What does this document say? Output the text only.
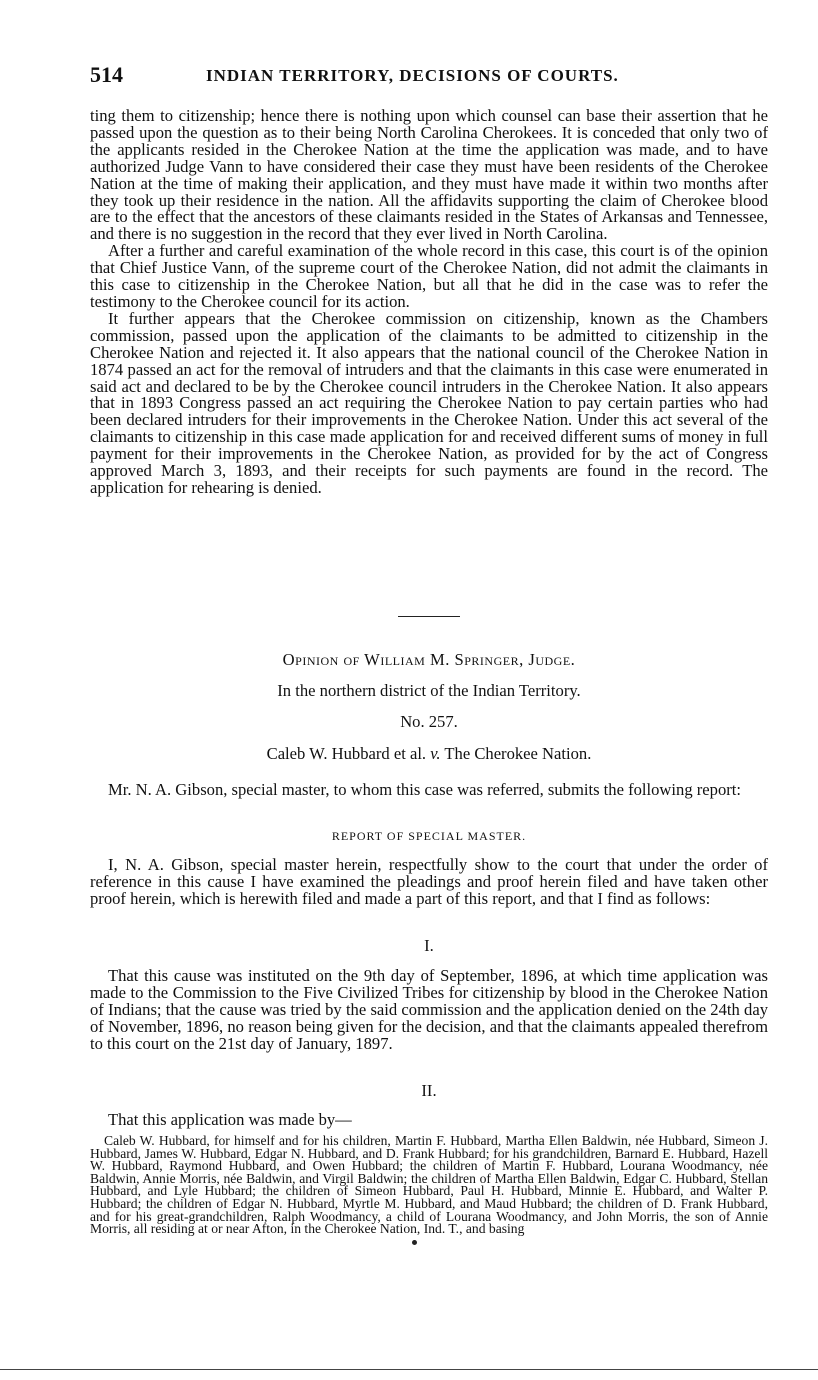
514	INDIAN TERRITORY, DECISIONS OF COURTS.

ting them to citizenship; hence there is nothing upon which counsel can base their assertion that he passed upon the question as to their being North Carolina Cherokees. It is conceded that only two of the applicants resided in the Cherokee Nation at the time the application was made, and to have authorized Judge Vann to have considered their case they must have been residents of the Cherokee Nation at the time of making their application, and they must have made it within two months after they took up their residence in the nation. All the affidavits supporting the claim of Cherokee blood are to the effect that the ancestors of these claimants resided in the States of Arkansas and Tennessee, and there is no suggestion in the record that they ever lived in North Carolina.

After a further and careful examination of the whole record in this case, this court is of the opinion that Chief Justice Vann, of the supreme court of the Cherokee Nation, did not admit the claimants in this case to citizenship in the Cherokee Nation, but all that he did in the case was to refer the testimony to the Cherokee council for its action.

It further appears that the Cherokee commission on citizenship, known as the Chambers commission, passed upon the application of the claimants to be admitted to citizenship in the Cherokee Nation and rejected it. It also appears that the national council of the Cherokee Nation in 1874 passed an act for the removal of intruders and that the claimants in this case were enumerated in said act and declared to be by the Cherokee council intruders in the Cherokee Nation. It also appears that in 1893 Congress passed an act requiring the Cherokee Nation to pay certain parties who had been declared intruders for their improvements in the Cherokee Nation. Under this act several of the claimants to citizenship in this case made application for and received different sums of money in full payment for their improvements in the Cherokee Nation, as provided for by the act of Congress approved March 3, 1893, and their receipts for such payments are found in the record. The application for rehearing is denied.

Opinion of William M. Springer, Judge.
In the northern district of the Indian Territory.
No. 257.
Caleb W. Hubbard et al. v. The Cherokee Nation.

Mr. N. A. Gibson, special master, to whom this case was referred, submits the following report:

REPORT OF SPECIAL MASTER.

I, N. A. Gibson, special master herein, respectfully show to the court that under the order of reference in this cause I have examined the pleadings and proof herein filed and have taken other proof herein, which is herewith filed and made a part of this report, and that I find as follows:

I.

That this cause was instituted on the 9th day of September, 1896, at which time application was made to the Commission to the Five Civilized Tribes for citizenship by blood in the Cherokee Nation of Indians; that the cause was tried by the said commission and the application denied on the 24th day of November, 1896, no reason being given for the decision, and that the claimants appealed therefrom to this court on the 21st day of January, 1897.

II.

That this application was made by—

Caleb W. Hubbard, for himself and for his children, Martin F. Hubbard, Martha Ellen Baldwin, née Hubbard, Simeon J. Hubbard, James W. Hubbard, Edgar N. Hubbard, and D. Frank Hubbard; for his grandchildren, Barnard E. Hubbard, Hazell W. Hubbard, Raymond Hubbard, and Owen Hubbard; the children of Martin F. Hubbard, Lourana Woodmancy, née Baldwin, Annie Morris, née Baldwin, and Virgil Baldwin; the children of Martha Ellen Baldwin, Edgar C. Hubbard, Stellan Hubbard, and Lyle Hubbard; the children of Simeon Hubbard, Paul H. Hubbard, Minnie E. Hubbard, and Walter P. Hubbard; the children of Edgar N. Hubbard, Myrtle M. Hubbard, and Maud Hubbard; the children of D. Frank Hubbard, and for his great-grandchildren, Ralph Woodmancy, a child of Lourana Woodmancy, and John Morris, the son of Annie Morris, all residing at or near Afton, in the Cherokee Nation, Ind. T., and basing
